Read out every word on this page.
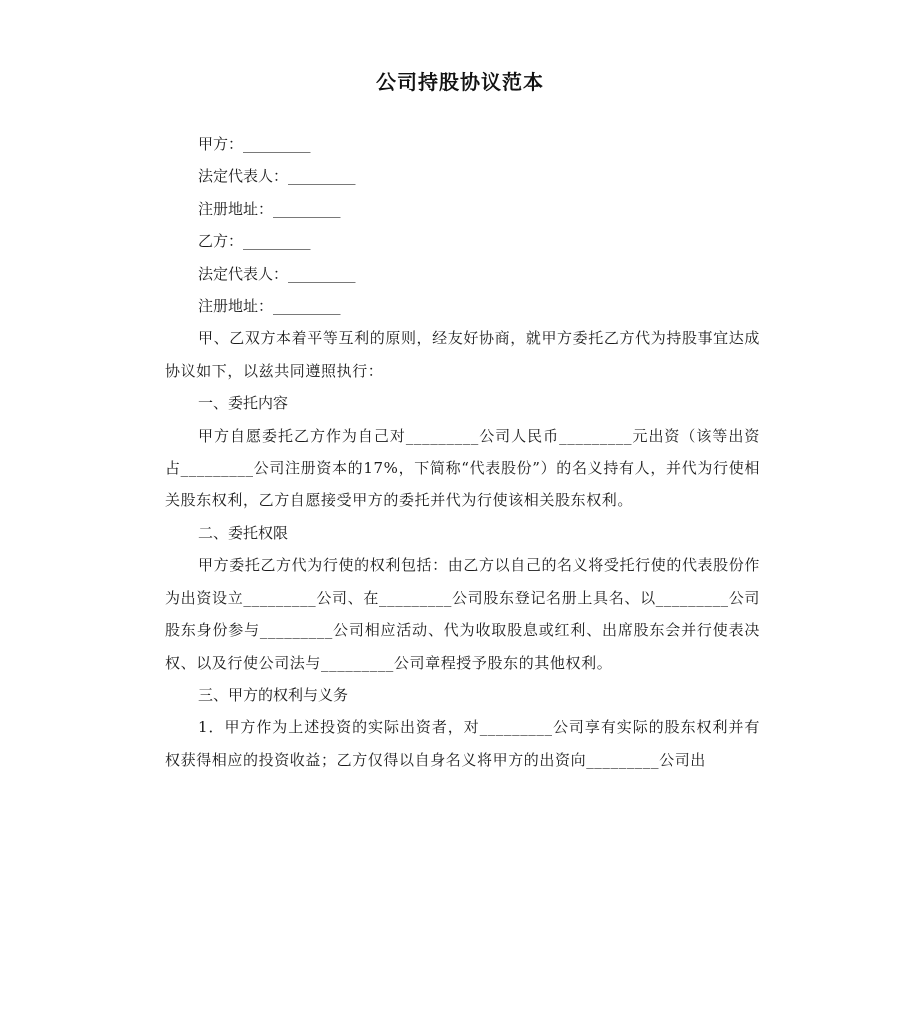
公司持股协议范本

甲方：_________

法定代表人：_________

注册地址：_________

乙方：_________

法定代表人：_________

注册地址：_________

甲、乙双方本着平等互利的原则，经友好协商，就甲方委托乙方代为持股事宜达成协议如下，以兹共同遵照执行：

一、委托内容

甲方自愿委托乙方作为自己对_________公司人民币_________元出资（该等出资占_________公司注册资本的17%，下简称“代表股份”）的名义持有人，并代为行使相关股东权利，乙方自愿接受甲方的委托并代为行使该相关股东权利。

二、委托权限

甲方委托乙方代为行使的权利包括：由乙方以自己的名义将受托行使的代表股份作为出资设立_________公司、在_________公司股东登记名册上具名、以_________公司股东身份参与_________公司相应活动、代为收取股息或红利、出席股东会并行使表决权、以及行使公司法与_________公司章程授予股东的其他权利。

三、甲方的权利与义务

1．甲方作为上述投资的实际出资者，对_________公司享有实际的股东权利并有权获得相应的投资收益；乙方仅得以自身名义将甲方的出资向_________公司出
